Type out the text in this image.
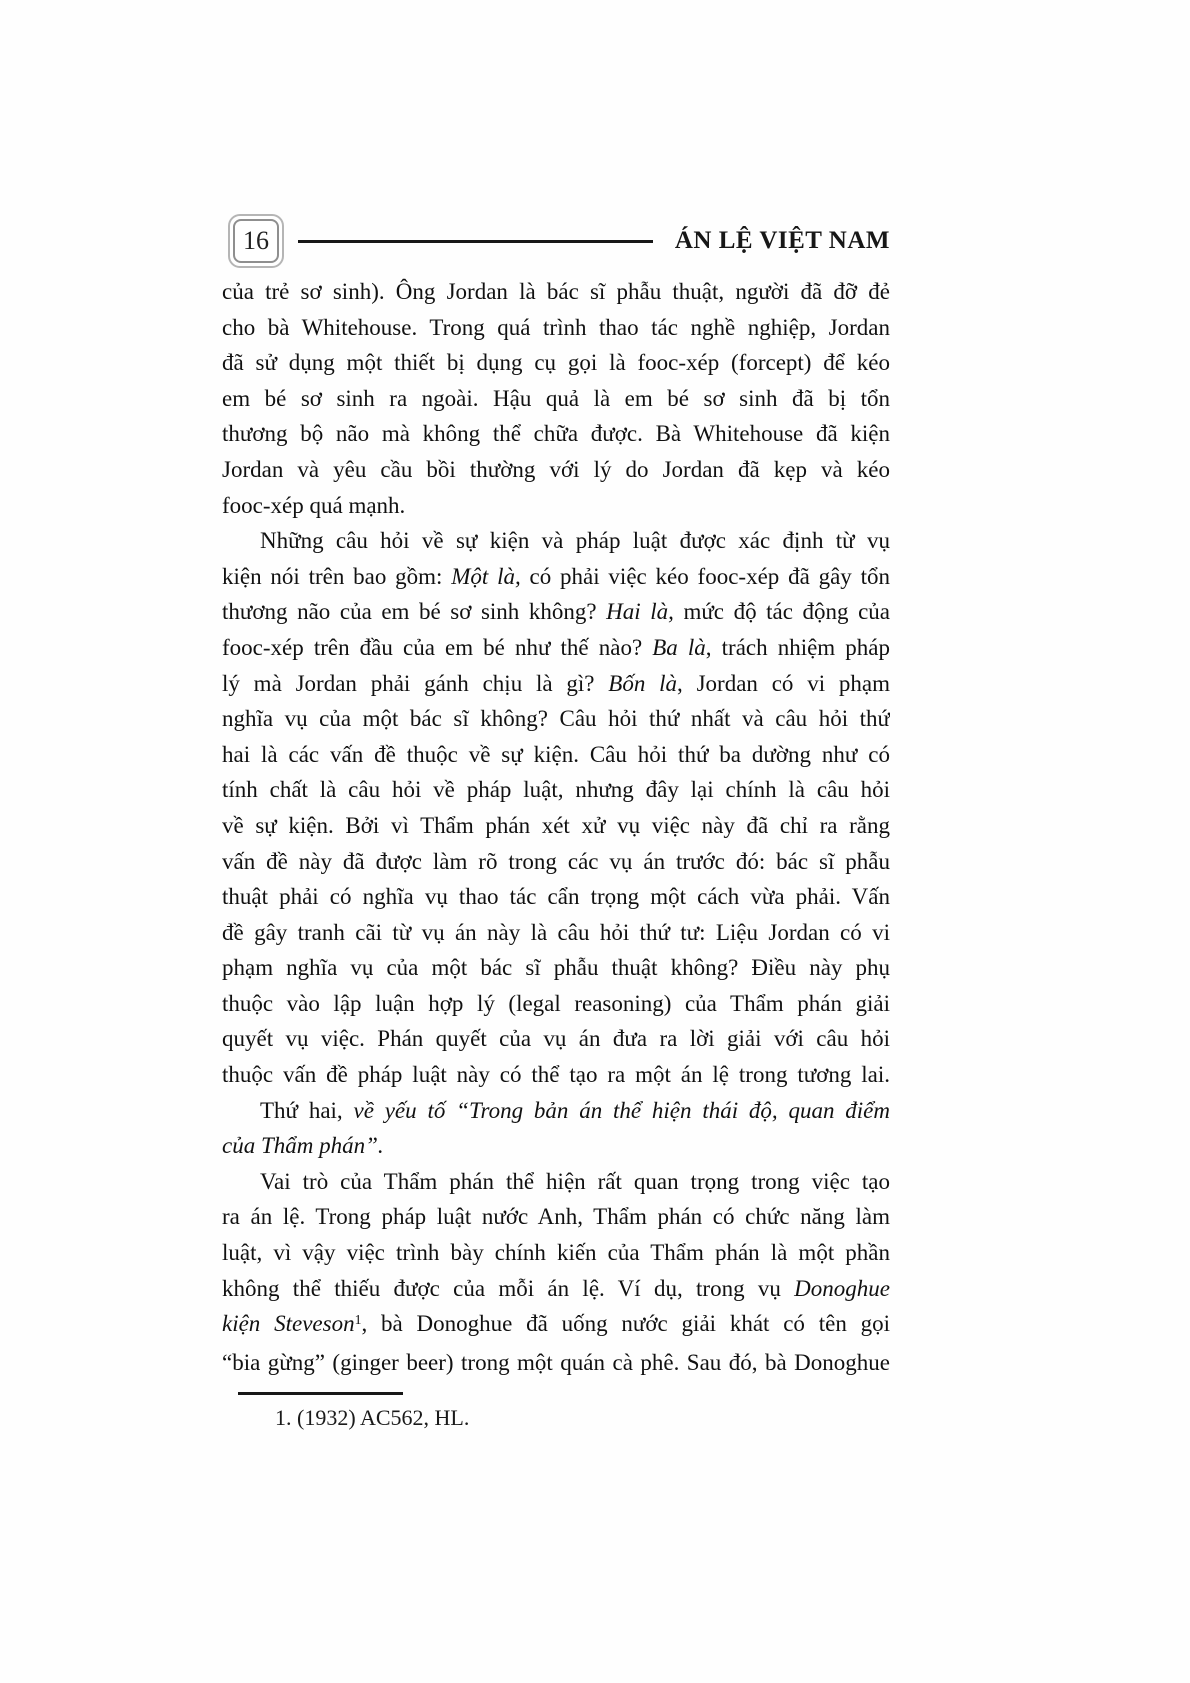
16	ÁN LỆ VIỆT NAM
của trẻ sơ sinh). Ông Jordan là bác sĩ phẫu thuật, người đã đỡ đẻ
cho bà Whitehouse. Trong quá trình thao tác nghề nghiệp, Jordan
đã sử dụng một thiết bị dụng cụ gọi là fooc-xép (forcept) để kéo
em bé sơ sinh ra ngoài. Hậu quả là em bé sơ sinh đã bị tổn
thương bộ não mà không thể chữa được. Bà Whitehouse đã kiện
Jordan và yêu cầu bồi thường với lý do Jordan đã kẹp và kéo
fooc-xép quá mạnh.
Những câu hỏi về sự kiện và pháp luật được xác định từ vụ
kiện nói trên bao gồm: Một là, có phải việc kéo fooc-xép đã gây tổn
thương não của em bé sơ sinh không? Hai là, mức độ tác động của
fooc-xép trên đầu của em bé như thế nào? Ba là, trách nhiệm pháp
lý mà Jordan phải gánh chịu là gì? Bốn là, Jordan có vi phạm
nghĩa vụ của một bác sĩ không? Câu hỏi thứ nhất và câu hỏi thứ
hai là các vấn đề thuộc về sự kiện. Câu hỏi thứ ba dường như có
tính chất là câu hỏi về pháp luật, nhưng đây lại chính là câu hỏi
về sự kiện. Bởi vì Thẩm phán xét xử vụ việc này đã chỉ ra rằng
vấn đề này đã được làm rõ trong các vụ án trước đó: bác sĩ phẫu
thuật phải có nghĩa vụ thao tác cẩn trọng một cách vừa phải. Vấn
đề gây tranh cãi từ vụ án này là câu hỏi thứ tư: Liệu Jordan có vi
phạm nghĩa vụ của một bác sĩ phẫu thuật không? Điều này phụ
thuộc vào lập luận hợp lý (legal reasoning) của Thẩm phán giải
quyết vụ việc. Phán quyết của vụ án đưa ra lời giải với câu hỏi
thuộc vấn đề pháp luật này có thể tạo ra một án lệ trong tương lai.
Thứ hai, về yếu tố “Trong bản án thể hiện thái độ, quan điểm
của Thẩm phán”.
Vai trò của Thẩm phán thể hiện rất quan trọng trong việc tạo
ra án lệ. Trong pháp luật nước Anh, Thẩm phán có chức năng làm
luật, vì vậy việc trình bày chính kiến của Thẩm phán là một phần
không thể thiếu được của mỗi án lệ. Ví dụ, trong vụ Donoghue
kiện Steveson$^1$, bà Donoghue đã uống nước giải khát có tên gọi
“bia gừng” (ginger beer) trong một quán cà phê. Sau đó, bà Donoghue
1. (1932) AC562, HL.
